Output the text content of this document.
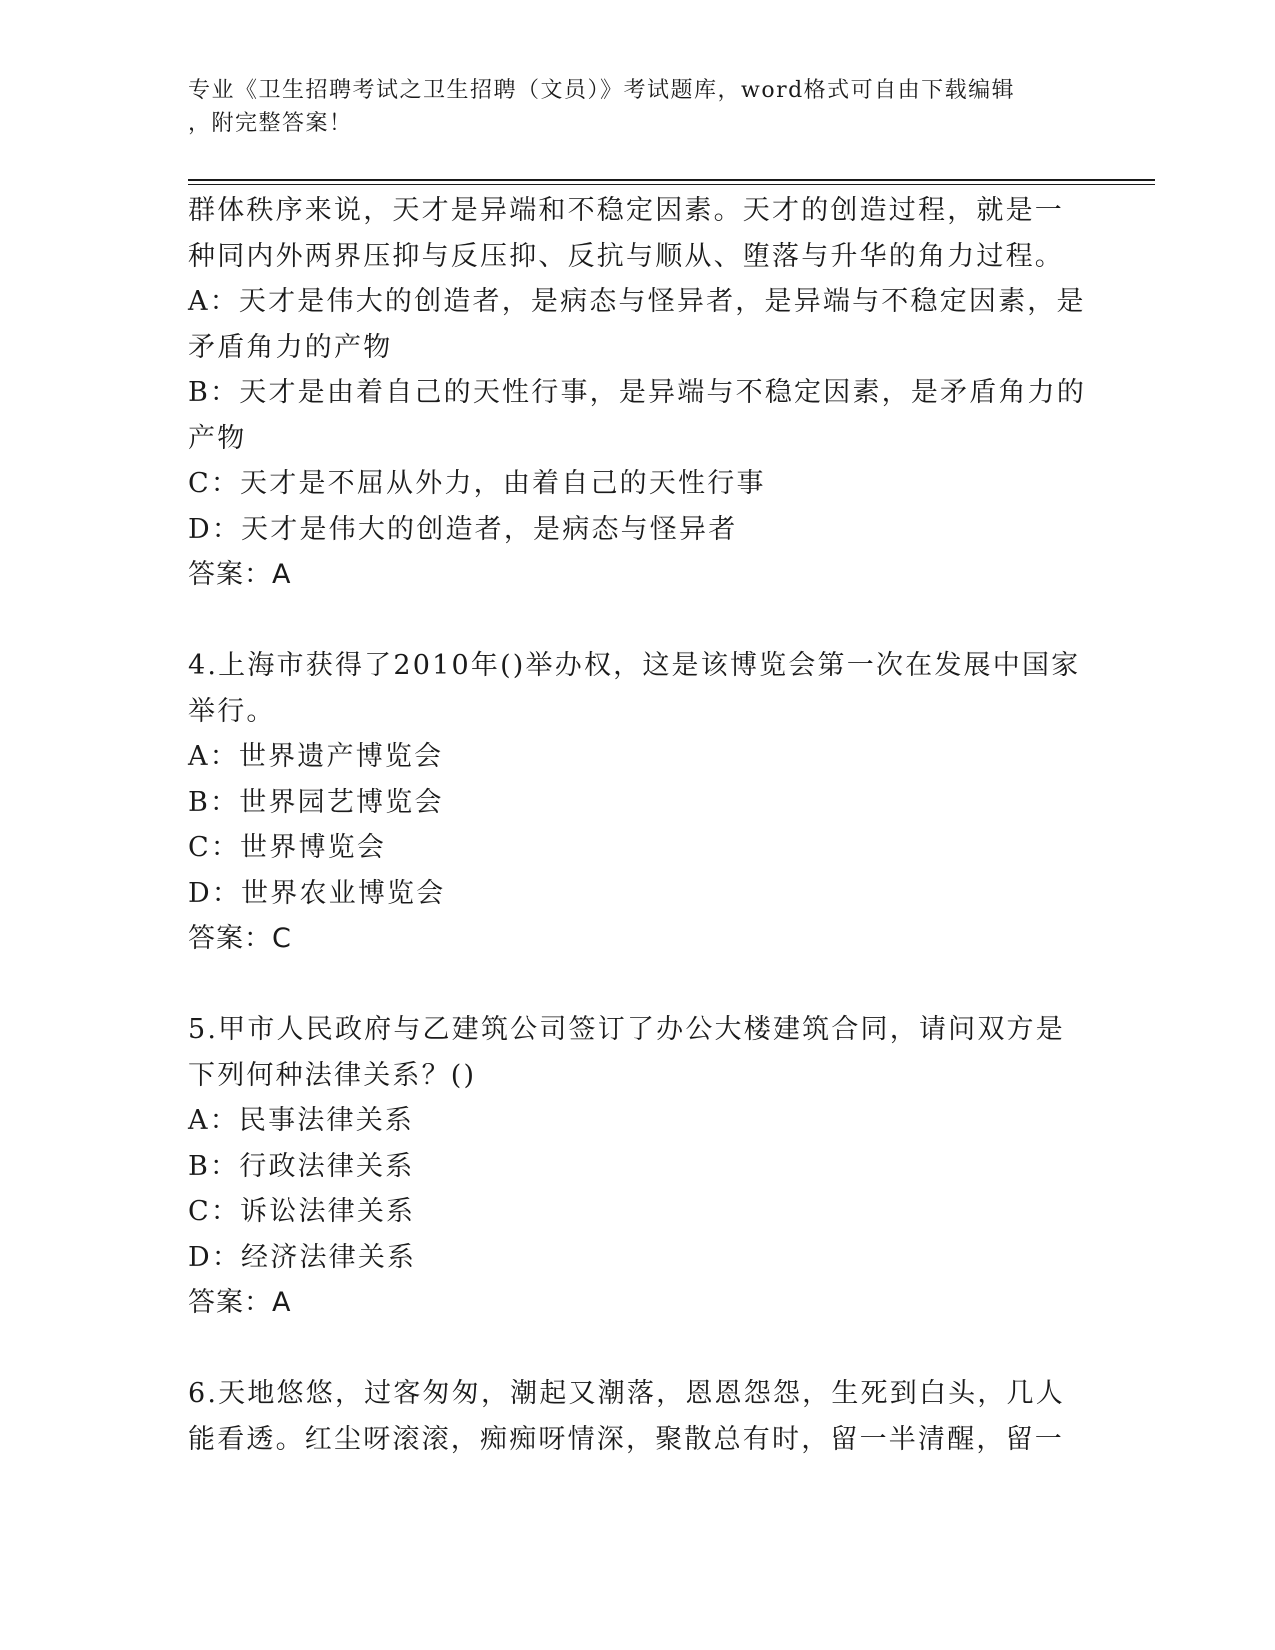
专业《卫生招聘考试之卫生招聘（文员）》考试题库，word格式可自由下载编辑
，附完整答案！
群体秩序来说，天才是异端和不稳定因素。天才的创造过程，就是一
种同内外两界压抑与反压抑、反抗与顺从、堕落与升华的角力过程。
A：天才是伟大的创造者，是病态与怪异者，是异端与不稳定因素，是
矛盾角力的产物
B：天才是由着自己的天性行事，是异端与不稳定因素，是矛盾角力的
产物
C：天才是不屈从外力，由着自己的天性行事
D：天才是伟大的创造者，是病态与怪异者
答案：A
4.上海市获得了2010年()举办权，这是该博览会第一次在发展中国家
举行。
A：世界遗产博览会
B：世界园艺博览会
C：世界博览会
D：世界农业博览会
答案：C
5.甲市人民政府与乙建筑公司签订了办公大楼建筑合同，请问双方是
下列何种法律关系？()
A：民事法律关系
B：行政法律关系
C：诉讼法律关系
D：经济法律关系
答案：A
6.天地悠悠，过客匆匆，潮起又潮落，恩恩怨怨，生死到白头，几人
能看透。红尘呀滚滚，痴痴呀情深，聚散总有时，留一半清醒，留一
